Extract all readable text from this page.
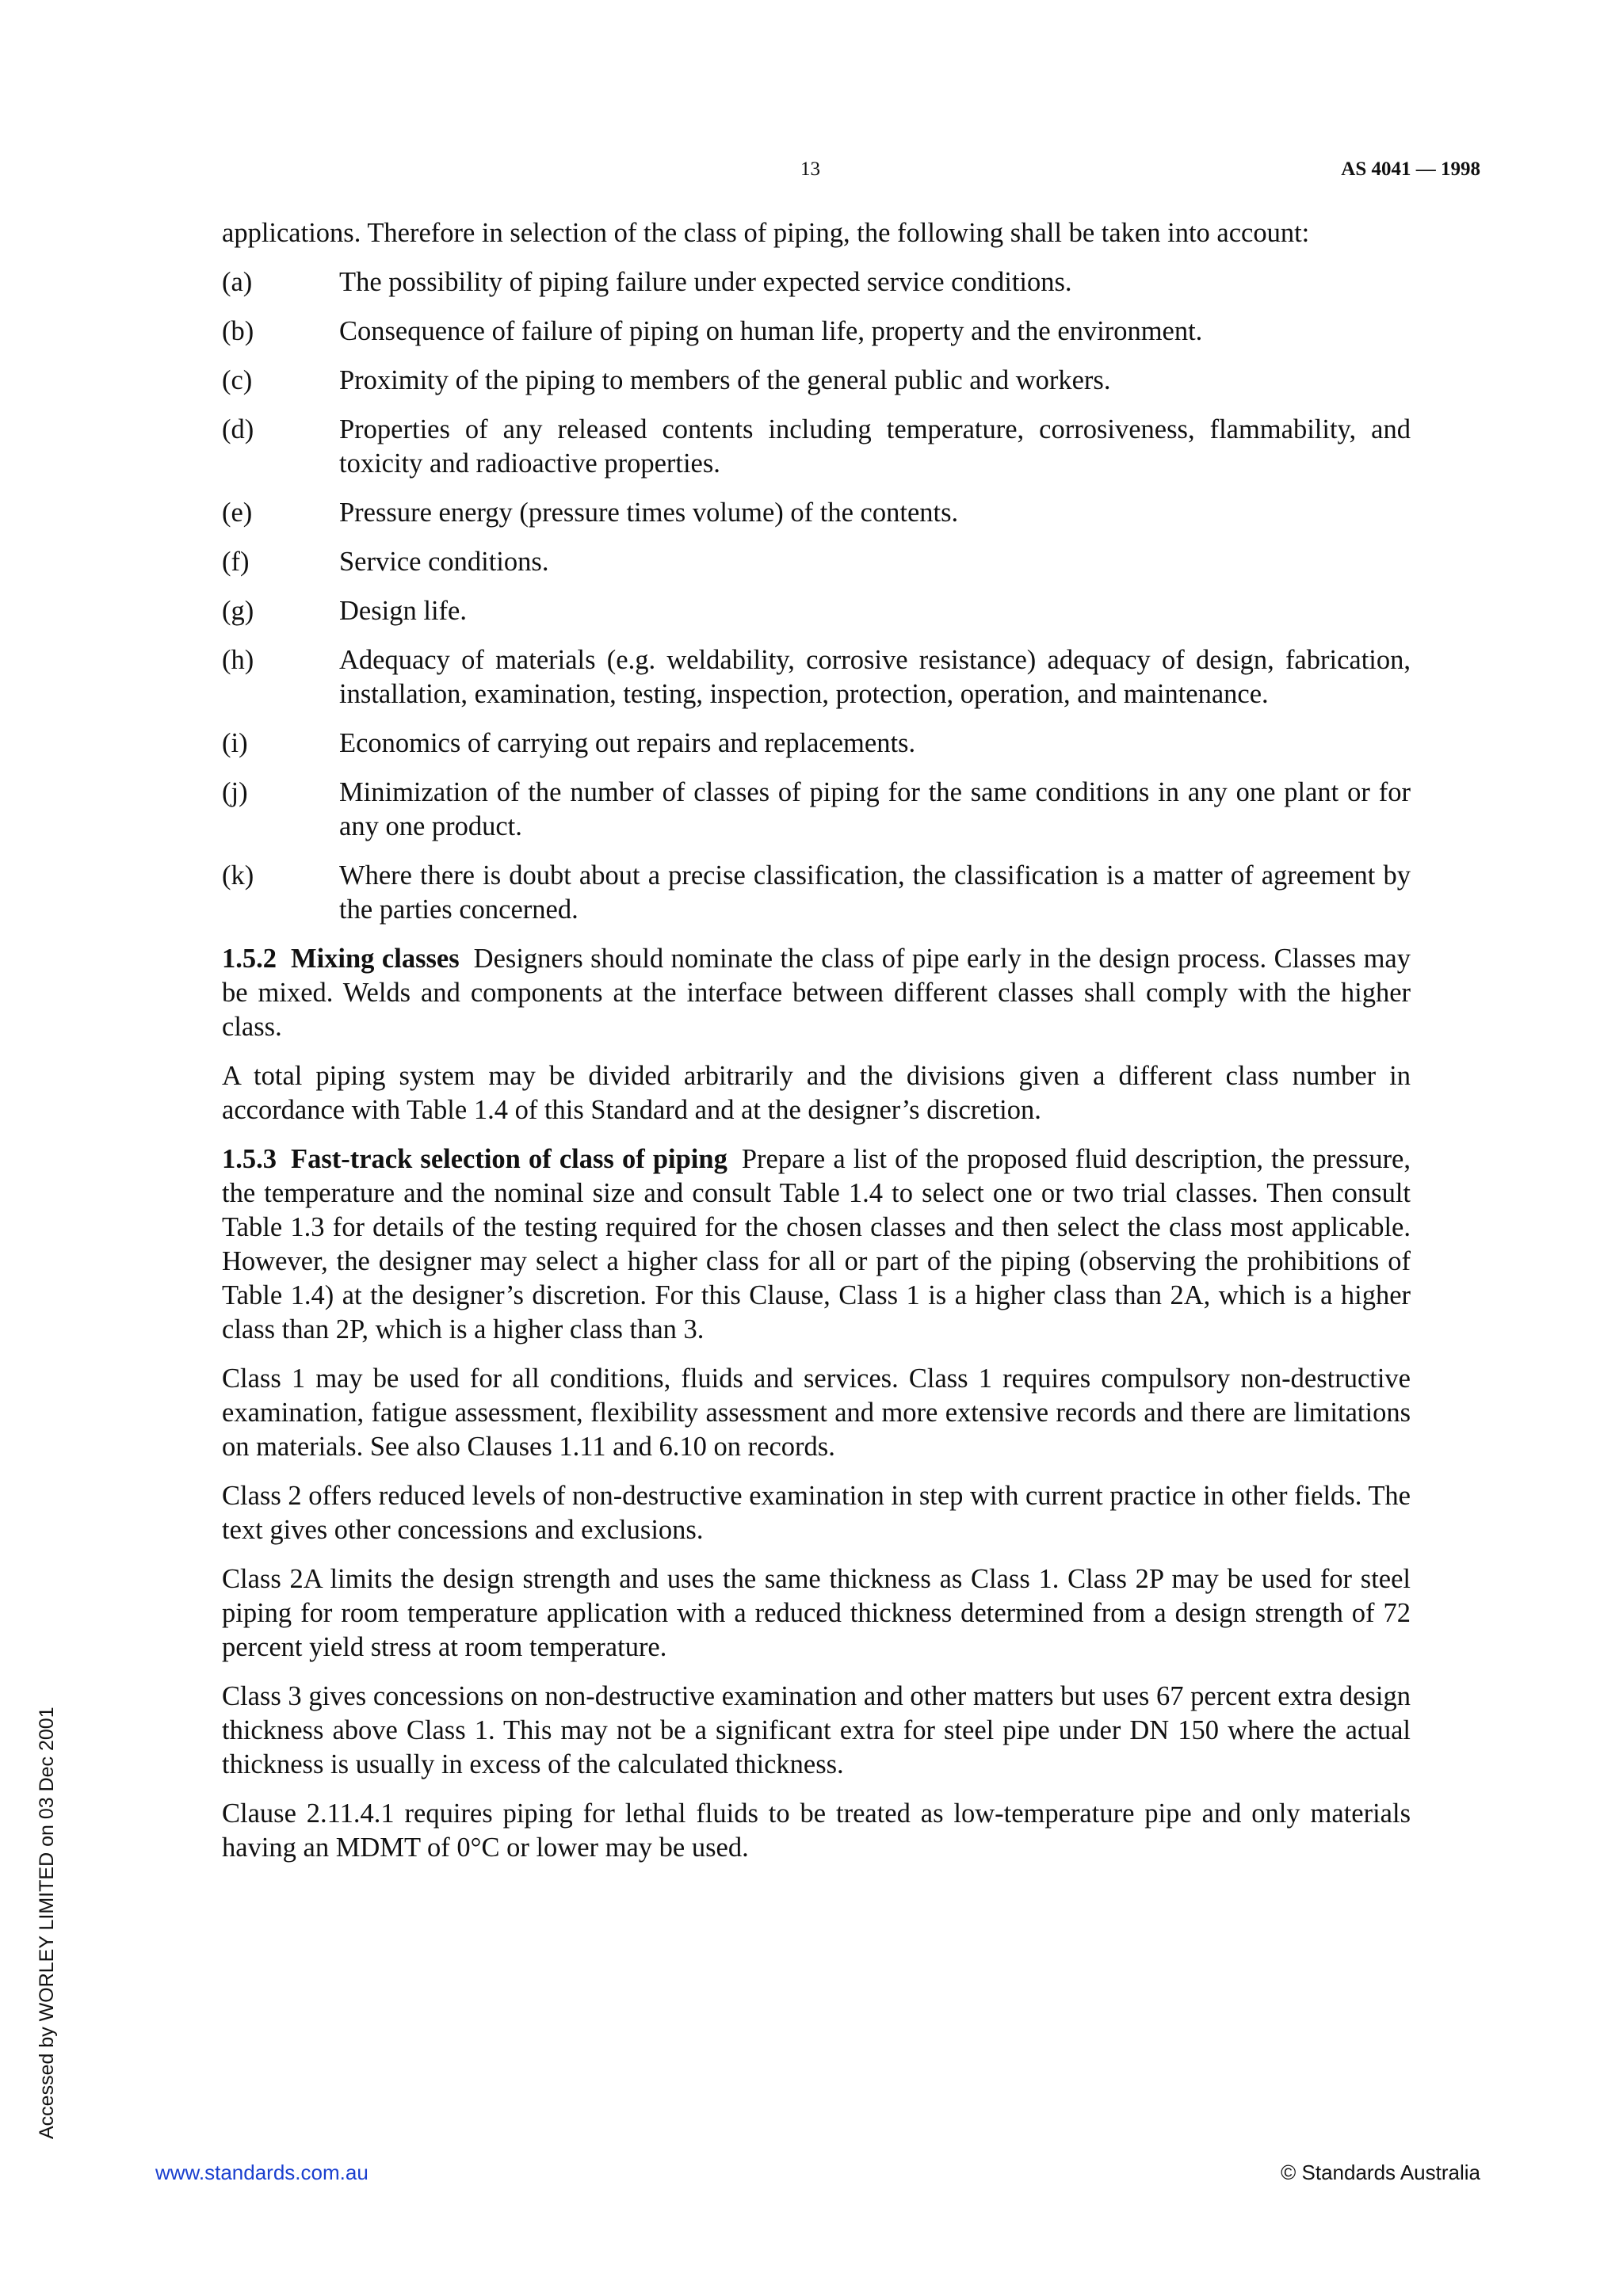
13	AS 4041 — 1998

applications. Therefore in selection of the class of piping, the following shall be taken into account:

(a)	The possibility of piping failure under expected service conditions.
(b)	Consequence of failure of piping on human life, property and the environment.
(c)	Proximity of the piping to members of the general public and workers.
(d)	Properties of any released contents including temperature, corrosiveness, flammability, and toxicity and radioactive properties.
(e)	Pressure energy (pressure times volume) of the contents.
(f)	Service conditions.
(g)	Design life.
(h)	Adequacy of materials (e.g. weldability, corrosive resistance) adequacy of design, fabrication, installation, examination, testing, inspection, protection, operation, and maintenance.
(i)	Economics of carrying out repairs and replacements.
(j)	Minimization of the number of classes of piping for the same conditions in any one plant or for any one product.
(k)	Where there is doubt about a precise classification, the classification is a matter of agreement by the parties concerned.

1.5.2 Mixing classes Designers should nominate the class of pipe early in the design process. Classes may be mixed. Welds and components at the interface between different classes shall comply with the higher class.

A total piping system may be divided arbitrarily and the divisions given a different class number in accordance with Table 1.4 of this Standard and at the designer’s discretion.

1.5.3 Fast-track selection of class of piping Prepare a list of the proposed fluid description, the pressure, the temperature and the nominal size and consult Table 1.4 to select one or two trial classes. Then consult Table 1.3 for details of the testing required for the chosen classes and then select the class most applicable. However, the designer may select a higher class for all or part of the piping (observing the prohibitions of Table 1.4) at the designer’s discretion. For this Clause, Class 1 is a higher class than 2A, which is a higher class than 2P, which is a higher class than 3.

Class 1 may be used for all conditions, fluids and services. Class 1 requires compulsory non-destructive examination, fatigue assessment, flexibility assessment and more extensive records and there are limitations on materials. See also Clauses 1.11 and 6.10 on records.

Class 2 offers reduced levels of non-destructive examination in step with current practice in other fields. The text gives other concessions and exclusions.

Class 2A limits the design strength and uses the same thickness as Class 1. Class 2P may be used for steel piping for room temperature application with a reduced thickness determined from a design strength of 72 percent yield stress at room temperature.

Class 3 gives concessions on non-destructive examination and other matters but uses 67 percent extra design thickness above Class 1. This may not be a significant extra for steel pipe under DN 150 where the actual thickness is usually in excess of the calculated thickness.

Clause 2.11.4.1 requires piping for lethal fluids to be treated as low-temperature pipe and only materials having an MDMT of 0°C or lower may be used.

Accessed by WORLEY LIMITED on 03 Dec 2001
www.standards.com.au	© Standards Australia
